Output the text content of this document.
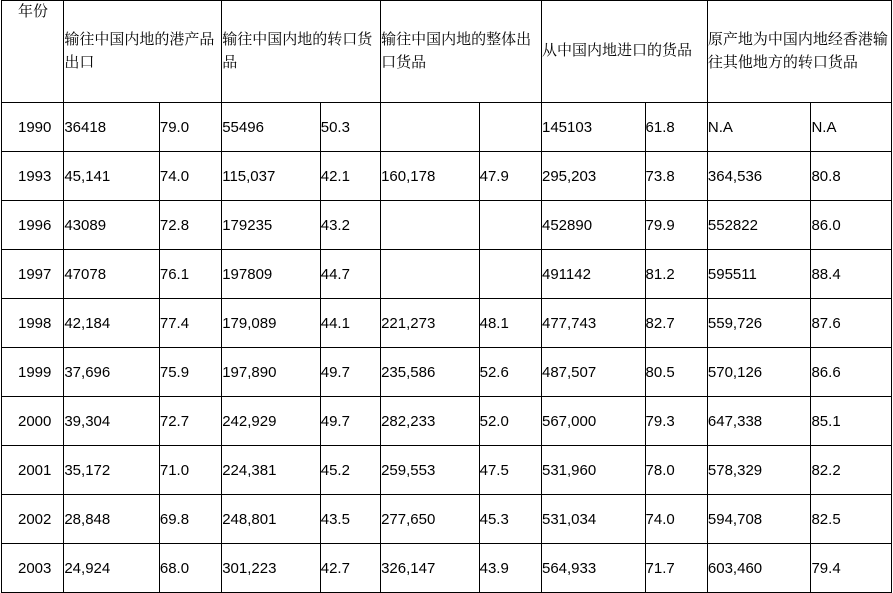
年份	输往中国内地的港产品出口		输往中国内地的转口货品		输往中国内地的整体出口货品		从中国内地进口的货品		原产地为中国内地经香港输往其他地方的转口货品	
1990	36418	79.0	55496	50.3			145103	61.8	N.A	N.A
1993	45,141	74.0	115,037	42.1	160,178	47.9	295,203	73.8	364,536	80.8
1996	43089	72.8	179235	43.2			452890	79.9	552822	86.0
1997	47078	76.1	197809	44.7			491142	81.2	595511	88.4
1998	42,184	77.4	179,089	44.1	221,273	48.1	477,743	82.7	559,726	87.6
1999	37,696	75.9	197,890	49.7	235,586	52.6	487,507	80.5	570,126	86.6
2000	39,304	72.7	242,929	49.7	282,233	52.0	567,000	79.3	647,338	85.1
2001	35,172	71.0	224,381	45.2	259,553	47.5	531,960	78.0	578,329	82.2
2002	28,848	69.8	248,801	43.5	277,650	45.3	531,034	74.0	594,708	82.5
2003	24,924	68.0	301,223	42.7	326,147	43.9	564,933	71.7	603,460	79.4
